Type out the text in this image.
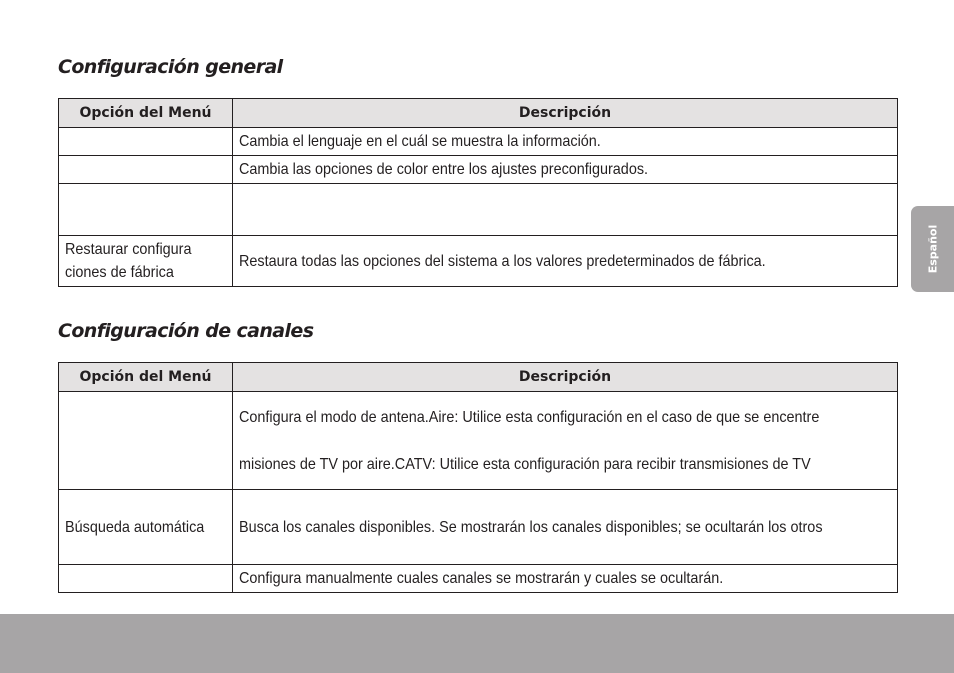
Configuración general
Opción del Menú	Descripción
	Cambia el lenguaje en el cuál se muestra la información.
	Cambia las opciones de color entre los ajustes preconfigurados.

Restaurar configura
ciones de fábrica	Restaura todas las opciones del sistema a los valores predeterminados de fábrica.
Configuración de canales
Opción del Menú	Descripción

	Configura el modo de antena.Aire: Utilice esta configuración en el caso de que se encentre
misiones de TV por aire.CATV: Utilice esta configuración para recibir transmisiones de TV

Búsqueda automática	Busca los canales disponibles. Se mostrarán los canales disponibles; se ocultarán los otros
	Configura manualmente cuales canales se mostrarán y cuales se ocultarán.
Español
